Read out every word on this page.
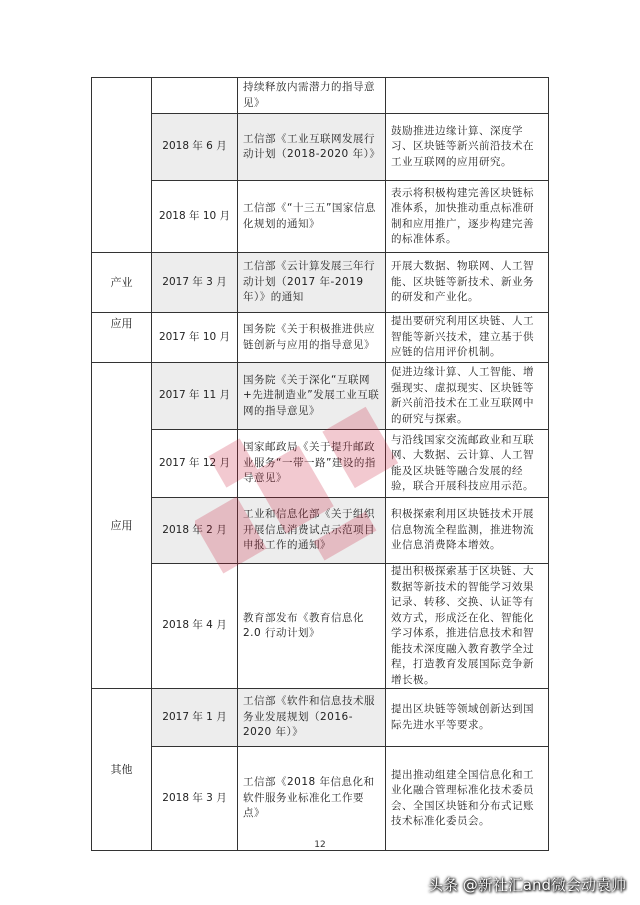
		持续释放内需潜力的指导意见》	
	2018 年 6 月	工信部《工业互联网发展行动计划（2018-2020 年）》	鼓励推进边缘计算、深度学习、区块链等新兴前沿技术在工业互联网的应用研究。
	2018 年 10 月	工信部《“十三五”国家信息化规划的通知》	表示将积极构建完善区块链标准体系，加快推动重点标准研制和应用推广，逐步构建完善的标准体系。
产业	2017 年 3 月	工信部《云计算发展三年行动计划（2017 年-2019 年）》的通知	开展大数据、物联网、人工智能、区块链等新技术、新业务的研发和产业化。
应用	2017 年 10 月	国务院《关于积极推进供应链创新与应用的指导意见》	提出要研究利用区块链、人工智能等新兴技术，建立基于供应链的信用评价机制。
应用	2017 年 11 月	国务院《关于深化“互联网+先进制造业”发展工业互联网的指导意见》	促进边缘计算、人工智能、增强现实、虚拟现实、区块链等新兴前沿技术在工业互联网中的研究与探索。
	2017 年 12 月	国家邮政局《关于提升邮政业服务“一带一路”建设的指导意见》	与沿线国家交流邮政业和互联网、大数据、云计算、人工智能及区块链等融合发展的经验，联合开展科技应用示范。
	2018 年 2 月	工业和信息化部《关于组织开展信息消费试点示范项目申报工作的通知》	积极探索利用区块链技术开展 信息物流全程监测，推进物流业信息消费降本增效。
	2018 年 4 月	教育部发布《教育信息化 2.0 行动计划》	提出积极探索基于区块链、大数据等新技术的智能学习效果记录、转移、交换、认证等有效方式，形成泛在化、智能化学习体系，推进信息技术和智能技术深度融入教育教学全过程，打造教育发展国际竞争新增长极。
其他	2017 年 1 月	工信部《软件和信息技术服务业发展规划（2016-2020 年）》	提出区块链等领域创新达到国际先进水平等要求。
	2018 年 3 月	工信部《2018 年信息化和软件服务业标准化工作要点》	提出推动组建全国信息化和工业化融合管理标准化技术委员会、全国区块链和分布式记账技术标准化委员会。
12
头条 @新社汇and微会动袁帅
